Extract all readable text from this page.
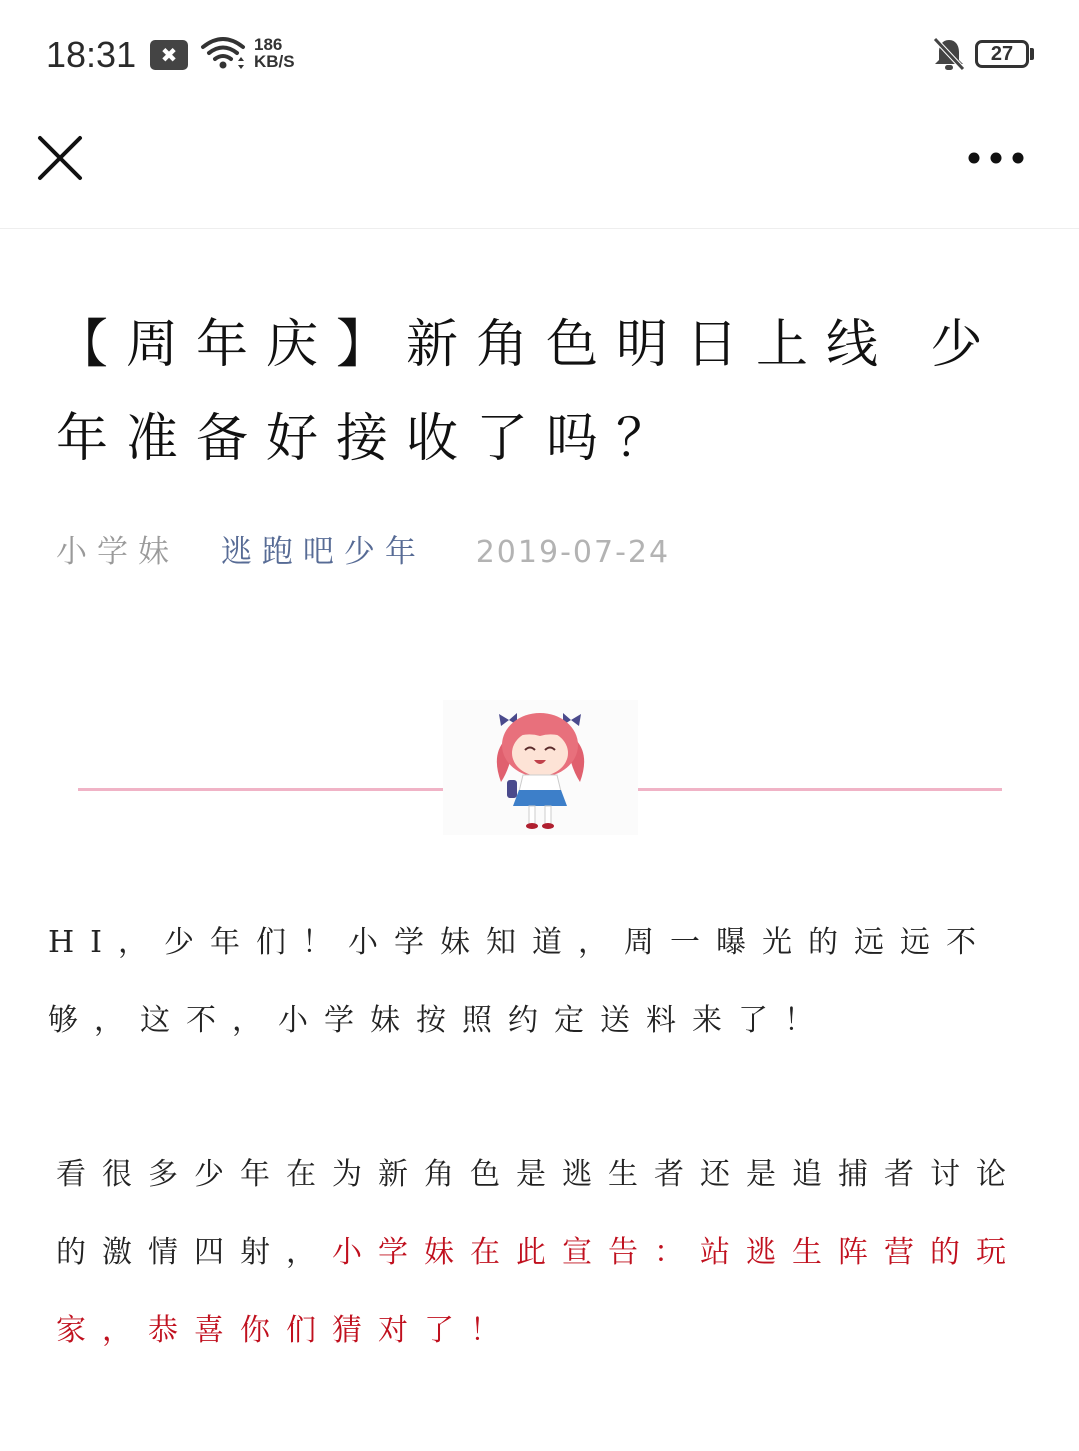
18:31	✖	186
KB/S	27
【周年庆】新角色明日上线 少年准备好接收了吗？
小学妹 逃跑吧少年 2019-07-24

HI，少年们！小学妹知道，周一曝光的远远不够，这不，小学妹按照约定送料来了！

看很多少年在为新角色是逃生者还是追捕者讨论的激情四射，小学妹在此宣告：站逃生阵营的玩家，恭喜你们猜对了！
